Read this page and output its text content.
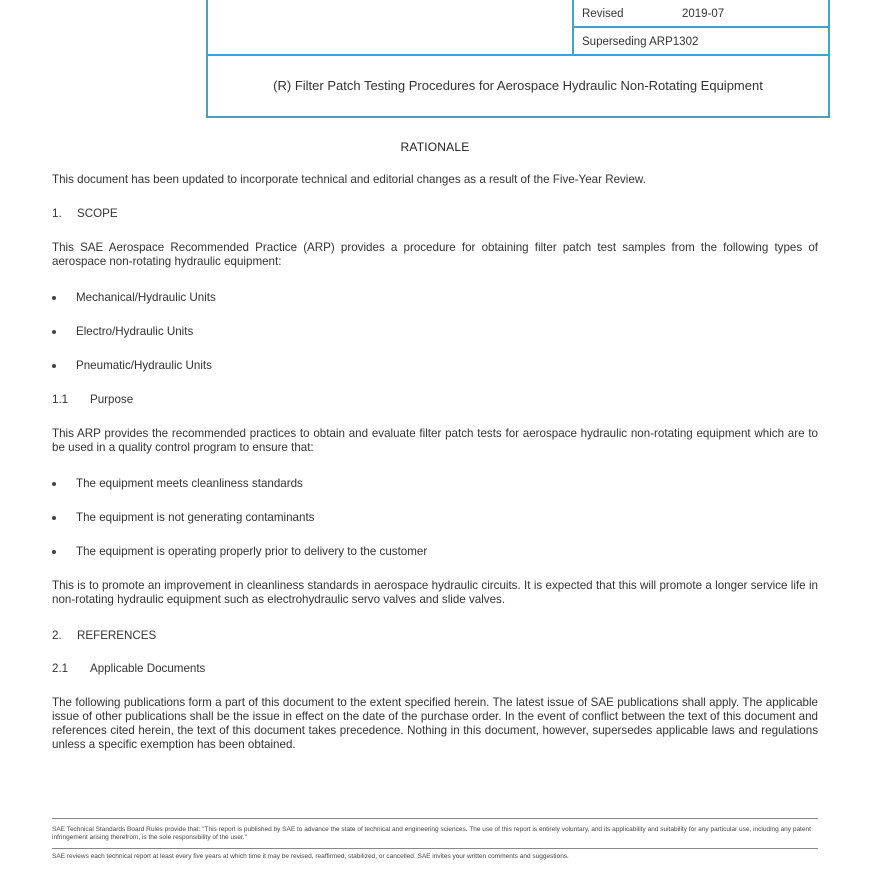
Revised	2019-07
Superseding ARP1302
(R) Filter Patch Testing Procedures for Aerospace Hydraulic Non-Rotating Equipment
RATIONALE
This document has been updated to incorporate technical and editorial changes as a result of the Five-Year Review.
1. SCOPE
This SAE Aerospace Recommended Practice (ARP) provides a procedure for obtaining filter patch test samples from the following types of aerospace non-rotating hydraulic equipment:
Mechanical/Hydraulic Units
Electro/Hydraulic Units
Pneumatic/Hydraulic Units
1.1 Purpose
This ARP provides the recommended practices to obtain and evaluate filter patch tests for aerospace hydraulic non-rotating equipment which are to be used in a quality control program to ensure that:
The equipment meets cleanliness standards
The equipment is not generating contaminants
The equipment is operating properly prior to delivery to the customer
This is to promote an improvement in cleanliness standards in aerospace hydraulic circuits. It is expected that this will promote a longer service life in non-rotating hydraulic equipment such as electrohydraulic servo valves and slide valves.
2. REFERENCES
2.1 Applicable Documents
The following publications form a part of this document to the extent specified herein. The latest issue of SAE publications shall apply. The applicable issue of other publications shall be the issue in effect on the date of the purchase order. In the event of conflict between the text of this document and references cited herein, the text of this document takes precedence. Nothing in this document, however, supersedes applicable laws and regulations unless a specific exemption has been obtained.
SAE Technical Standards Board Rules provide that: "This report is published by SAE to advance the state of technical and engineering sciences. The use of this report is entirely voluntary, and its applicability and suitability for any particular use, including any patent infringement arising therefrom, is the sole responsibility of the user."
SAE reviews each technical report at least every five years at which time it may be revised, reaffirmed, stabilized, or cancelled. SAE invites your written comments and suggestions.
